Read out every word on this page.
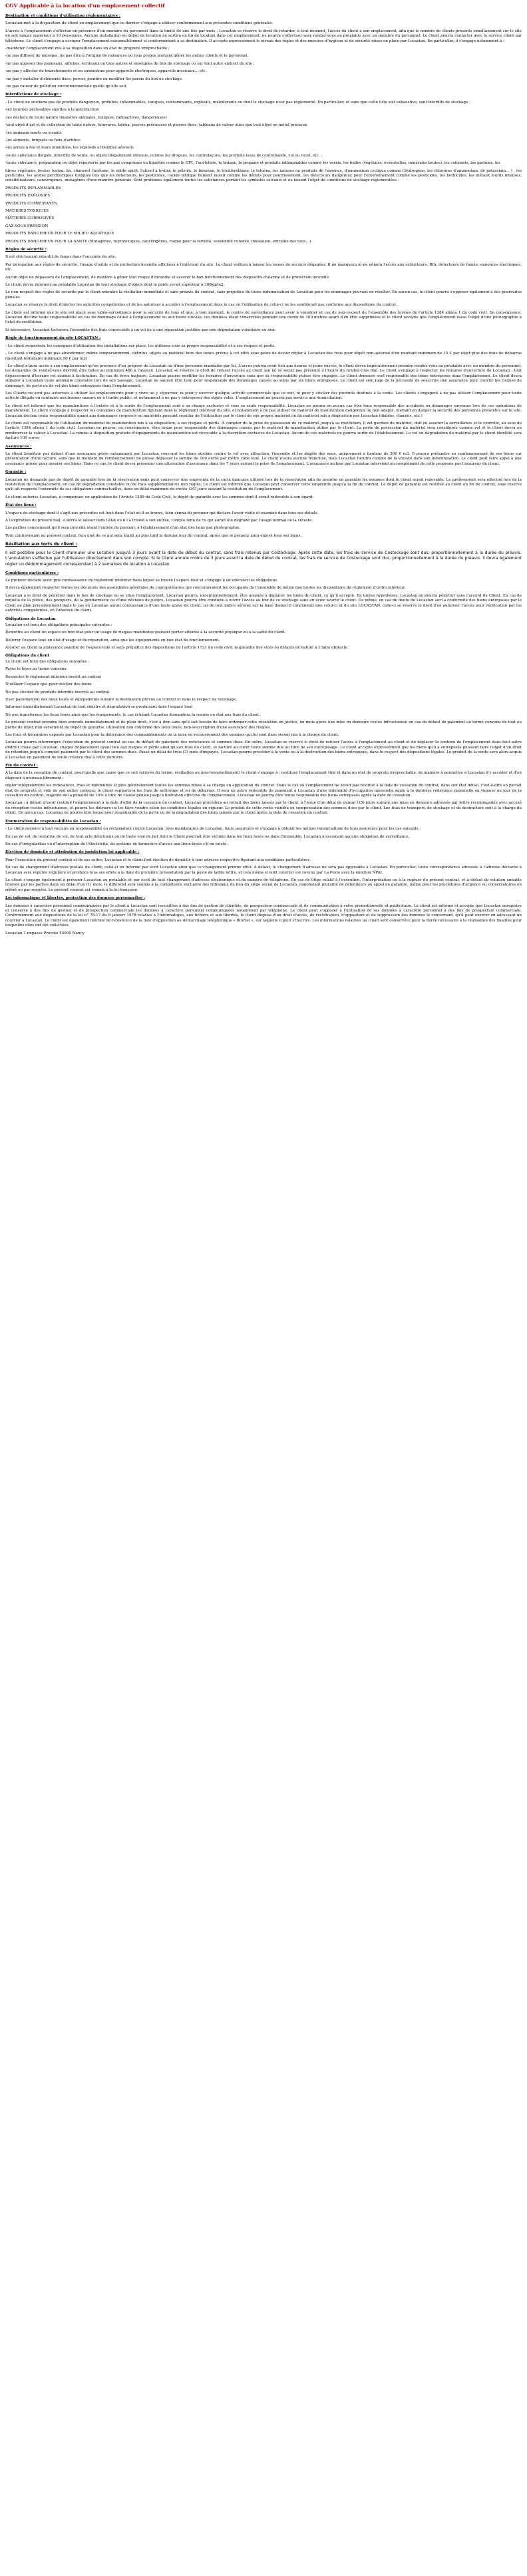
CGV Applicable à la location d'un emplacement collectif
Destination et conditions d'utilisation réglementaires :
Locastan met à la disposition du client un emplacement que ce dernier s'engage à utiliser conformément aux présentes conditions générales.
L'accès à l'emplacement s'effectue en présence d'un membre du personnel dans la limite de une fois par mois : Locastan se réserve le droit de retarder, à tout moment, l'accès du client à son emplacement, afin que le nombre de clients présents simultanément sur le site ne soit jamais supérieur à 10 personnes. Aucune installation ou début de location ne sortira en fin de location dans cet emplacement, ne pourra s'effectuer sans rendez-vous au préalable avec un membre du personnel. Le client pourra contacter avec le service client par téléphone. Le client s'engage à occuper l'emplacement raisonnablement et conformément à sa destination. Il accepte expressément le niveau des règles et des mesures d'hygiène et de sécurité mises en place par Locastan. En particulier, il s'engage notamment à :
-maintenir l'emplacement mis à sa disposition dans un état de propreté irréprochable ;
-ne pas diffuser de musique, ne pas être à l'origine de nuisances ou tous propos pouvant gêner les autres clients et le personnel.
-ne pas apposer des panneaux, affiches, écriteaux ou tous autres et enseignes du box de stockage ou sur tout autre endroit du site ;
-ne pas y affecter de branchements et ou connexions pour appareils électriques, appareils musicaux… etc.
-ne pas y installer d'éléments fixes, percer, peindre ou modifier les parois du box ou stockage.
-ne pas causer de pollution environnementale quelle qu'elle soit.
Interdictions de stockage :
- Le client ne stockera pas de produits dangereux, prohibés, inflammables, toxiques, contaminants, explosifs, malodorants ou dont le stockage n'est pas réglementé. En particulier, et sans que cette liste soit exhaustive, sont interdits de stockage :
-les denrées périssables sujettes à la putréfaction
-les déchets de toute nature (matières animales, toxiques, radioactives, dangereuses)
-tout objet d'art et de collection de toute nature, fourrures, bijoux, pierres précieuses et pierres fines, tableaux de valeur ainsi que tout objet en métal précieux
-les animaux morts ou vivants
-les aliments, briquets ou feux d'artifice
-les armes à feu et leurs munitions, les explosifs et bombes aérosols
-toute substance illégale, interdite de vente, ou objets illégalement obtenus, comme les drogues, les contrefaçons, les produits issus de contrebande, vol ou recel, etc. ;
-toute substance, préparation ou objet répertorié par les gaz comprimés ou liquéfiés comme le GPL, l'acétylène, le butane, le propane et produits inflammables comme les vernis, les huiles (végétales, essentielles, minérales brutes), les colorants, les parfums, les
fibres végétales, brutes (coton, lin, chanvre) l'acétone, le white spirit, l'alcool à brûler, le pétrole, le benzène, le trichloréthane, le toluène, les natures ou produits de l'essence, d'ammonium cyclique comme l'hydrogène, les chlorures d'ammonium, de potassium… ) , les pesticides, les acides perchloriques toxiques tels que les détecteurs, les pesticides, l'acide nitrique humant moisif comme les débuts pour pourrissement, les détecteurs dangereux pour l'environnement comme les pesticides, les herbicides, les métaux lourds intenses, sensibilisateurs, cancérigènes, mutagènes d'une manière générale. Sont prohibées également toutes les substances portant les symboles suivants et ou faisant l'objet de conditions de stockage règlementées :
PRODUITS INFLAMMABLES
PRODUITS EXPLOSIFS
PRODUITS COMBURANTS
MATIERES TOXIQUES
MATIERES CORROSIVES
GAZ SOUS PRESSION
PRODUITS DANGEREUX POUR LE MILIEU AQUATIQUE
PRODUITS DANGEREUX POUR LA SANTE (Mutagènes, reprotoxiques, cancérigènes, risque pour la fertilité, sensibilité cutanée, inhalation, entraîne des toux…).
Règles de sécurité :
Il est strictement interdit de fumer dans l'enceinte du site.
Par dérogation aux règles de sécurité, l'usage d'outils et de protection incendie affichées à l'intérieur du site. Le client veillera à laisser les issues de secours dégagées. Il ne manquera ni ne gênera l'accès aux extincteurs, RIA, détecteurs de fumée, annonces électriques, etc.
Aucun objet ne dépassera de l'emplacement, de manière à gêner tout risque d'incendie et assurer le bon fonctionnement des dispositifs d'alarme et de protection incendie.
Le client devra informer au préalable Locastan de tout stockage d'objets dont le poids serait supérieur à 300kg/m2.
Le non-respect des règles de sécurité par le client entraîne la résiliation immédiate et sans préavis du contrat, sans préjudice de toute indemnisation de Locastan pour les dommages pouvant en résulter. En aucun cas, le client pourra s'opposer également à des poursuites pénales.
Locastan se réserve le droit d'alerter les autorités compétentes et de les autoriser à accéder à l'emplacement dans le cas où l'utilisation de celui-ci ne les semblerait pas conforme aux dispositions du contrat.
Le client est informé que le site est placé sous vidéo-surveillance pour la sécurité de tous et que, à tout moment, le centre de surveillance peut avoir à visionner et ces de non-respect de l'ensemble des termes de l'article 1384 alinéa 1 du code civil. En conséquence, Locastan décline toute responsabilité en cas de dommage causé à l'emplacement ou aux biens stockés, ces données étant conservées pendant une durée de 100 mètres avant d'en être supprimées et le client accepte que l'emplacement fasse l'objet d'une photographie à l'état de restitution.
Si nécessaire, Locastan facturera l'ensemble des frais consécutifs à un vol ou à une réparation justifiée par une dégradation volontaire ou non.
Règle de fonctionnement du site LOCASTAN :
- Le client respectera les consignes d'utilisation des installations sur place, les utilisera sous sa propre responsabilité et à ses risques et périls.
- Le client s'engage à ne pas abandonner, même temporairement, détritus, objets ou matériel hors des boxes prévus à cet effet sous peine de devoir régler à Locastan des frais pour dépôt non-autorisé d'un montant minimum de 35 € par objet plus des frais de débarras (montant forfaitaire minimum 50 € par m2)
- Le client n'aura accès à son emplacement qu'en présence d'un préposé de Locastan ou d'une personne mandatée par lui. L'accès pourra avoir lieu aux heures et jours ouvrés, le client devra impérativement prendre rendez-vous au préalable avec un membre du personnel, les demandes de rendez-vous devront être faites au minimum 48h à l'avance. Locastan se réserve le droit de refuser l'accès au client qui ne se serait pas présenté à l'heure du rendez-vous fixé. Le client s'engage à respecter les horaires d'ouverture de Locastan ; tout dépassement d'horaire est soumis à facturation. En cas de force majeure, Locastan pourra modifier les horaires d'ouverture sans que sa responsabilité puisse être engagée. Le client demeure seul responsable des biens entreposés dans l'emplacement. Le client devra signaler à Locastan toute anomalie constatée lors de son passage. Locastan ne saurait être tenu pour responsable des dommages causés ou subis par les biens entreposés. Le client est seul juge de la nécessité de souscrire une assurance pour couvrir les risques de dommage, de perte ou de vol des biens entreposés dans l'emplacement.
Les Clients ne sont pas autorisés à utiliser les emplacements pour y vivre ou y séjourner, ni pour y exercer quelque activité commerciale que ce soit, ni pour y stocker des produits destinés à la vente. Les clients s'engagent à ne pas utiliser l'emplacement pour toute activité illégale ou contraire aux bonnes mœurs ou à l'ordre public, et notamment à ne pas y entreposer des objets volés. L'emplacement ne pourra pas servir à une domiciliation.
Le client est informé que les manutentions à l'entrée et à la sortie de l'emplacement sont à sa charge exclusive et sous sa seule responsabilité. Locastan ne pourra en aucun cas être tenu responsable des accidents ou dommages survenus lors de ces opérations de manutention. Le client s'engage à respecter les consignes de manutention figurant dans le règlement intérieur du site, et notamment à ne pas utiliser de matériel de manutention dangereux ou non adapté, mettant en danger la sécurité des personnes présentes sur le site. Locastan décline toute responsabilité quant aux dommages corporels ou matériels pouvant résulter de l'utilisation par le client de son propre matériel ou du matériel mis à disposition par Locastan (diables, chariots, etc.)
Le client est responsable de l'utilisation du matériel de manutention mis à sa disposition, à ses risques et périls. À compter de la prise de possession de ce matériel jusqu'à sa restitution, il est gardien du matériel, doit en assurer la surveillance et le contrôle, au sens de l'article 1384 alinéa 1 du code civil. Locastan ne pourra, en conséquence, être tenue pour responsable des dommages causés par le matériel de manutention utilisé par le client. La perte de possession du matériel sera considérée comme vol et le client devra en rembourser la valeur à Locastan. La remise à disposition gratuite d'équipements de manutention est révocable à la discrétion exclusive de Locastan. Aucun de ces matériels ne pourra sortir de l'établissement. Le vol ou dégradation du matériel par le client identifié sera facturé 100 euros.
Assurances :
Le client bénéficie par défaut d'une assurance gérée notamment par Locastan couvrant les biens stockés contre le vol avec effraction, l'incendie et les dégâts des eaux, uniquement à hauteur de 500 € m3. Il pourra prétendre au remboursement de ses biens sur présentation d'une facture, sans que le montant du remboursement ne puisse dépasser la somme de 100 euros par mètre cube loué. Le client n'aura aucune franchise, mais Locastan tiendra compte de la vétusté dans son indemnisation. Le client peut faire appel à une assurance privée pour assurer ses biens. Dans ce cas, le client devra présenter une attestation d'assurance dans les 7 jours suivant la prise de l'emplacement. L'assurance incluse par Locastan intervient en complément de celle proposée par l'assureur du client.
Garantie :
Locastan ne demande pas de dépôt de garantie lors de la réservation mais peut conserver une empreinte de la carte bancaire utilisée lors de la réservation afin de prendre en garantie les sommes dont le client serait redevable. Le prélèvement sera effectué lors de la restitution de l'emplacement, en cas de dégradation constatée ou de frais supplémentaires non réglés. Le client est informé que Locastan peut conserver cette empreinte jusqu'à la fin du contrat. Le dépôt de garantie est restitué au client en fin de contrat, sous réserve qu'il ait respecté l'ensemble de ses obligations contractuelles, dans un délai maximum de trente (30) jours suivant la restitution de l'emplacement.
Le client autorise Locastan, à compenser, en application de l'Article 1289 du Code Civil, le dépôt de garantie avec les sommes dont il serait redevable à son égard.
État des lieux :
L'espace de stockage dont il s'agit aux présentes est loué dans l'état où il se trouve, bien connu du preneur qui déclare l'avoir visité et examiné dans tous ses détails.
À l'expiration du présent bail, il devra le laisser dans l'état où il l'a trouvé à son entrée, compte tenu de ce qui aurait été dégradé par l'usage normal ou la vétusté.
Les parties conviennent qu'il sera procédé avant l'entrée du preneur, à l'établissement d'un état des lieux par photographie.
Tout contrevenant au présent contrat, fera état de ce qui sera établi au plus tard le dernier jour du contrat, après que le preneur aura enlevé tous ses biens.
Résiliation aux torts du client :
Il est possible pour le Client d'annuler une Location jusqu'à 3 jours avant la date de début du contrat, sans frais retenus par Costockage. Après cette date, les frais de service de Costockage sont dus, proportionnellement à la durée du préavis. L'annulation s'effectue par l'utilisateur directement dans son compte. Si le Client annule moins de 3 jours avant la date de début du contrat, les frais de service de Costockage sont dus, proportionnellement à la durée du préavis. Il devra également régler un dédommagement correspondant à 2 semaines de location à Locastan.
Conditions particulières :
Le preneur déclare avoir pris connaissance du règlement intérieur dans lequel se trouve l'espace loué et s'engage à en exécuter les obligations.
Il devra également respecter toutes les décisions des assemblées générales de copropriétaires qui concerneraient les occupants du l'ensemble de même que toutes les dispositions du règlement d'ordre intérieur.
Locastan a le droit de pénétrer dans le box de stockage ou se situe l'emplacement. Locastan pourra, exceptionnellement, être amenée à déplacer les biens du client, ce qu'il accepte. En toutes hypothèses, Locastan ne pourra pénétrer sans l'accord du Client. En cas de requête de la police, des pompiers, de la gendarmerie ou d'une décision de justice, Locastan pourra être conduite à ouvrir l'accès au box de ce stockage sans en avoir avertir le client. De même, en cas de doute de Locastan sur la conformité des biens entreposés par le client au plan précédemment dans le cas où Locastan aurait connaissance d'une faute grave du client, ou de tout indice sérieux sur la base duquel il concluerait que celui-ci et du site LOCASTAN, celle-ci se réserve le droit d'en autoriser l'accès pour vérification par les autorités compétentes, en l'absence du client.
Obligations de Locastan
Locastan est tenu des obligations principales suivantes :
Remettre au client un espace en bon état pour un usage de risques manifestes pouvant porter atteinte à la sécurité physique ou à la santé du client.
Délivrer l'espace loué en état d'usage et de réparation, ainsi que les équipements en bon état de fonctionnement.
Assurer au client la jouissance paisible de l'espace loué et sans préjudice des dispositions de l'article 1721 du code civil, la garantie des vices ou défauts de nature à y faire obstacle.
Obligations du client
Le client est tenu des obligations suivantes :
Payer le loyer au terme convenu
Respecter le règlement intérieur inscrit au contrat
N'utiliser l'espace que pour stocker des biens
Ne pas stocker de produits interdits inscrits au contrat
User paisiblement des lieux loués et équipements suivant la destination prévue au contrat et dans le respect du voisinage.
Informer immédiatement Locastan de tout sinistre et dégradation se produisant dans l'espace loué
Ne pas transformer les lieux loués ainsi que les équipements, le cas échéant Locastan demandera la remise en état aux frais du client.
Le présent contrat prendra bien entendu immédiatement et de plein droit, c'est à dire sans qu'il soit besoin de faire ordonner cette résolution en justice, un mois après une mise en demeure restée infructueuse en cas de défaut de paiement au terme convenu de tout ou partie du loyer, non versement du dépôt de garantie, utilisation non conforme des lieux loués, non-souscription d'une assurance des risques.
Les frais et honoraires exposés par Locastan pour la délivrance des commandements ou la mise en recouvrement des sommes qui lui sont dues seront mis à la charge du client.
Locastan pourra interrompre l'exécution du présent contrat en cas de défaut de paiement des redevances et sommes dues. En outre, Locastan se réserve le droit de refuser l'accès à l'emplacement au client et de déplacer le contenu de l'emplacement dans tout autre endroit choisi par Locastan, chaque déplacement ayant lieu aux risques et périls ainsi qu'aux frais du client, et facturé au client toute somme due au titre de son entreposage. Le client accepte expressément que les biens qu'il a entreposés puissent faire l'objet d'un droit de rétention jusqu'à complet paiement par le client des sommes dues. Passé un délai de trois (3) mois d'impayés, Locastan pourra procéder à la vente ou à la destruction des biens entreposés, dans le respect des dispositions légales. Le produit de la vente sera alors acquis à Locastan en paiement de toute créance due à cette dernière.
Fin du contrat :
À la date de la cessation du contrat, pour quelle que cause que ce soit (arrivée du terme, résiliation ou non-renouvellement) le client s'engage à : restituer l'emplacement vide et dans un état de propreté irréprochable, de manière à permettre à Locastan d'y accéder et d'en disposer à nouveau librement ;
régler intégralement les redevances, frais et indemnités et plus généralement toutes les sommes mises à sa charge en application du contrat. Dans le cas où l'emplacement ne serait pas restitué à la date de cessation du contrat, dans son état initial, c'est-à-dire en parfait état de propreté et vide de son entier contenu, le client supportera les frais de nettoyage et ou de débarras. Il sera en outre redevable du paiement à Locastan d'une indemnité d'occupation mensuelle égale à la dernière redevance mensuelle en vigueur au jour de la cessation du contrat, majorée de la pénalité de 10% à titre de clause pénale jusqu'à libération effective de l'emplacement. Locastan ne pourra être tenue responsable des biens entreposés après la date de cessation.
Locastan ; à défaut d'avoir restitué l'emplacement à la date d'effet de la cessation du contrat, Locastan procédera au retrait des biens laissés par le client, à l'issue d'un délai de quinze (15) jours suivant une mise en demeure adressée par lettre recommandée avec accusé de réception restée infructueuse, et pourra les détruire ou les faire vendre selon les conditions légales en vigueur. Le produit de cette vente viendra en compensation des sommes dues par le client. Les frais de transport, de stockage et de destruction sont à la charge du client. En aucun cas, Locastan ne pourra être tenue pour responsable de la perte ou de la dégradation des biens laissés par le client après la date de cessation du contrat.
Énumération de responsabilités de Locastan :
- Le client renonce à tout recours en responsabilité ou réclamation contre Locastan, tous mandataires de Locastan, leurs assureurs et s'engage à obtenir les mêmes renonciations de tous assureurs pour les cas suivants :
En cas de vol, de tentative de vol, de tout acte délictueux ou de toute voie de fait dont le Client pourrait être victime dans les lieux loués ou dans l'immeuble, Locastan n'assumant aucune obligation de surveillance.
En cas d'irrégularités ou d'interruption de l'électricité, du système de fermeture d'accès aux lieux loués s'il en existe.
Élection de domicile et attribution de juridiction loi applicable :
Pour l'exécution du présent contrat et de ses suites, Locastan et le client font élection de domicile à leur adresse respective figurant aux conditions particulières.
En cas de changement d'adresse postale du client, celui-ci en informe par écrit Locastan ainsi que ce changement prenne effet. À défaut, le changement d'adresse ne sera pas opposable à Locastan. En particulier, toute correspondance adressée à l'adresse déclarée à Locastan sera réputée régulière et produira tous ses effets à la date de première présentation par la poste de ladite lettre, et cela même si ledit courrier est revenu par La Poste avec la mention NPAI.
Le client s'engage également à prévenir Locastan au préalable et par écrit de tout changement d'adresse électronique et de numéro de téléphone. En cas de litige relatif à l'exécution, l'interprétation ou à la rupture du présent contrat, et à défaut de solution amiable trouvée par les parties dans un délai d'un (1) mois, le différend sera soumis à la compétence exclusive des tribunaux du lieu du siège social de Locastan, nonobstant pluralité de défendeurs ou appel en garantie, même pour les procédures d'urgence ou conservatoires en référé ou par requête. Le présent contrat est soumis à la loi française.
Loi informatique et libertés, protection des données personnelles :
Les données à caractère personnel communiquées par le client à Locastan sont recueillies à des fins de gestion de clientèle, de prospection commerciale et de communication à votre promotionnelle et publicitaire. Le client est informé et accepte que Locastan enregistre et conserve à des fins de gestion et de prospection commerciale les données à caractère personnel communiquées notamment par téléphone. Le client peut s'opposer à l'utilisation de ses données à caractère personnel à des fins de prospection commerciale. Conformément aux dispositions de la loi n° 78-17 du 6 janvier 1978 relative à l'informatique, aux fichiers et aux libertés, le client dispose d'un droit d'accès, de rectification, d'opposition et de suppression des données le concernant, qu'il peut exercer en adressant un courrier à Locastan. Le client est également informé de l'existence de la liste d'opposition au démarchage téléphonique « Bloctel », sur laquelle il peut s'inscrire. Les informations relatives au client sont conservées pour la durée nécessaire à la réalisation des finalités pour lesquelles elles ont été collectées.
Locastan 1 impasse Prévoté 54000 Nancy
